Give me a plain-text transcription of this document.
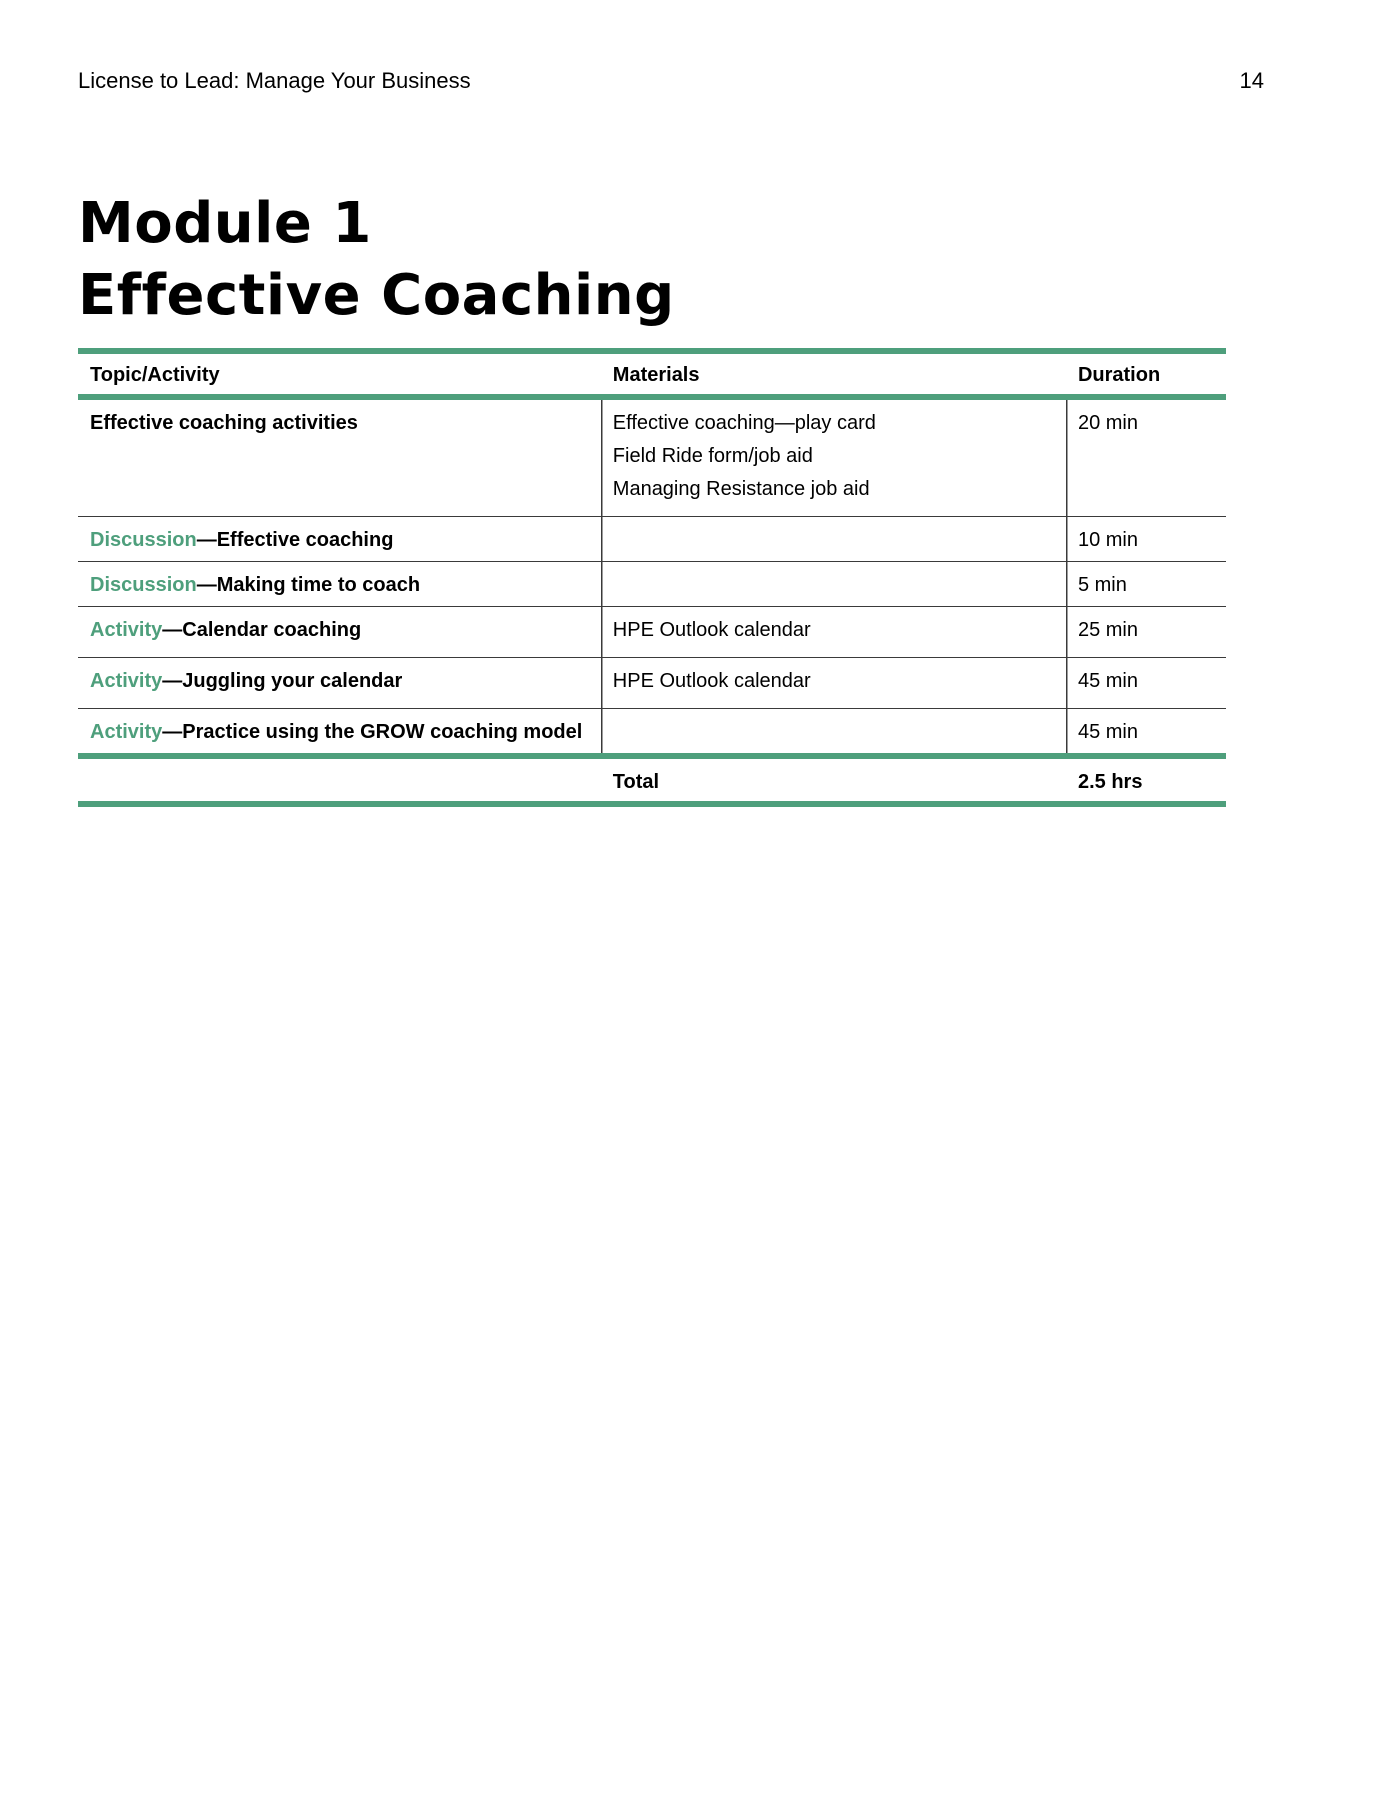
License to Lead: Manage Your Business	14
Module 1
Effective Coaching
Topic/Activity	Materials	Duration
Effective coaching activities	Effective coaching—play card
Field Ride form/job aid
Managing Resistance job aid	20 min
Discussion—Effective coaching		10 min
Discussion—Making time to coach		5 min
Activity—Calendar coaching	HPE Outlook calendar	25 min
Activity—Juggling your calendar	HPE Outlook calendar	45 min
Activity—Practice using the GROW coaching model		45 min
	Total	2.5 hrs
